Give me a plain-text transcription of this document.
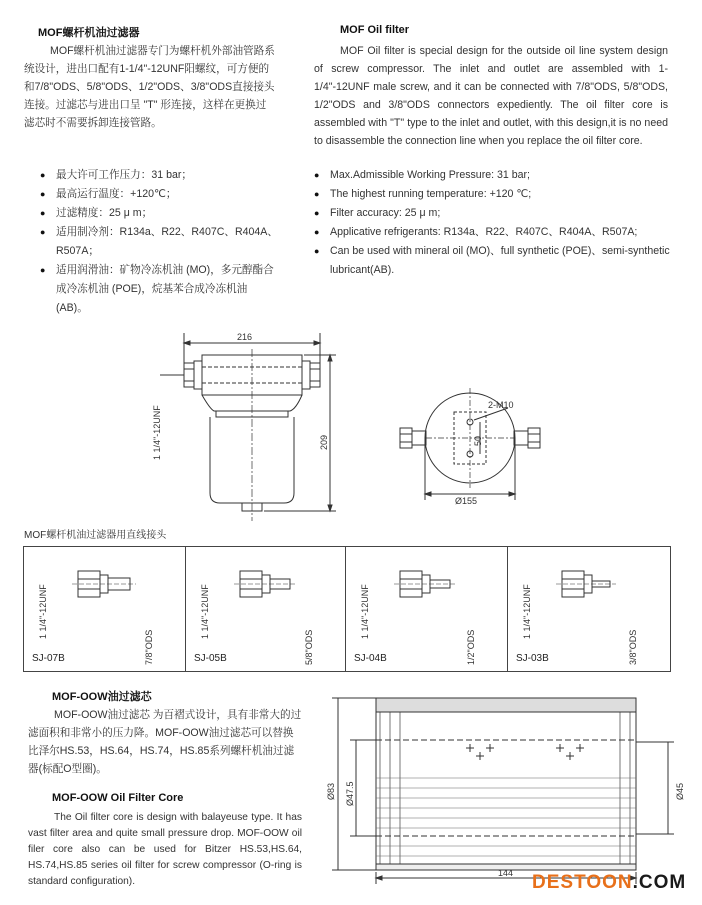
MOF螺杆机油过滤器
MOF螺杆机油过滤器专门为螺杆机外部油管路系统设计，进出口配有1-1/4"-12UNF阳螺纹，可方便的和7/8"ODS、5/8"ODS、1/2"ODS、3/8"ODS直接接头连接。过滤芯与进出口呈 "T" 形连接，这样在更换过滤芯时不需要拆卸连接管路。
● 最大许可工作压力：31 bar；
● 最高运行温度：+120℃；
● 过滤精度：25 μ m；
● 适用制冷剂：R134a、R22、R407C、R404A、R507A；
● 适用润滑油：矿物冷冻机油 (MO)，多元醇酯合成冷冻机油 (POE)，烷基苯合成冷冻机油 (AB)。
MOF Oil filter
MOF Oil filter is special design for the outside oil line system design of screw compressor. The inlet and outlet are assembled with 1-1/4"-12UNF male screw, and it can be connected with 7/8"ODS, 5/8"ODS, 1/2"ODS and 3/8"ODS connectors expediently. The oil filter core is assembled with "T" type to the inlet and outlet, with this design,it is no need to disassemble the connection line when you replace the oil filter core.
● Max.Admissible Working Pressure: 31 bar;
● The highest running temperature: +120 ℃;
● Filter accuracy: 25 μ m;
● Applicative refrigerants: R134a、R22、R407C、R404A、R507A;
● Can be used with mineral oil (MO)、full synthetic (POE)、semi-synthetic lubricant(AB).
216
1 1/4"-12UNF	209
2-M10
50
Ø155
MOF螺杆机油过滤器用直线接头
1 1/4"-12UNF
7/8"ODS
SJ-07B
1 1/4"-12UNF
5/8"ODS
SJ-05B
1 1/4"-12UNF
1/2"ODS
SJ-04B
1 1/4"-12UNF
3/8"ODS
SJ-03B
MOF-OOW油过滤芯
MOF-OOW油过滤芯 为百褶式设计，具有非常大的过滤面积和非常小的压力降。MOF-OOW油过滤芯可以替换比泽尔HS.53，HS.64，HS.74，HS.85系列螺杆机油过滤器(标配O型圈)。
MOF-OOW Oil Filter Core
The Oil filter core is design with balayeuse type. It has vast filter area and quite small pressure drop. MOF-OOW oil filer core also can be used for Bitzer HS.53,HS.64, HS.74,HS.85 series oil filter for screw compressor (O-ring is standard configuration).
Ø83 Ø47.5	Ø45
144 DESTOON.COM
